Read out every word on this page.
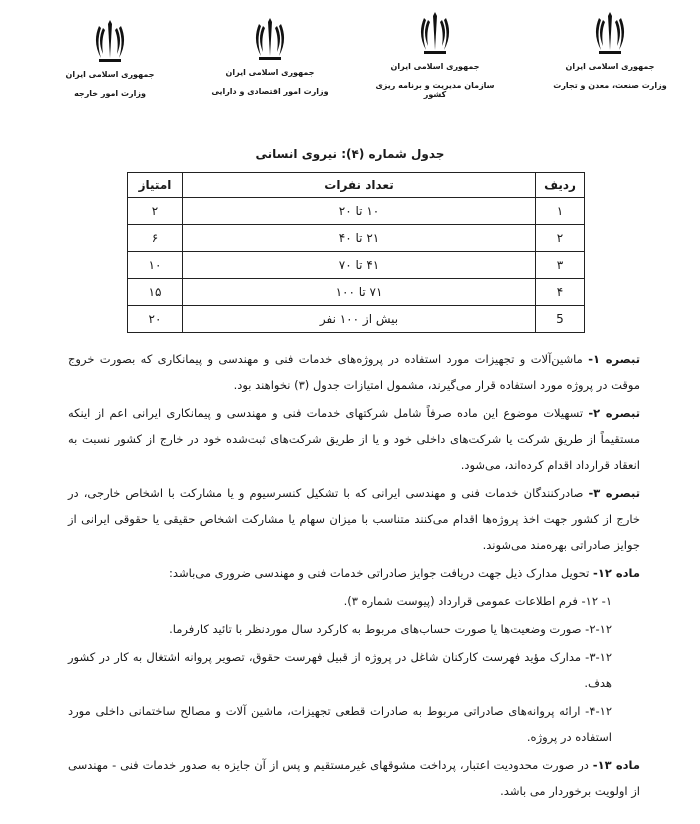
جمهوری اسلامی ایران
وزارت صنعت، معدن و تجارت
جمهوری اسلامی ایران
سازمان مدیریت و برنامه ریزی کشور
جمهوری اسلامی ایران
وزارت امور اقتصادی و دارایی
جمهوری اسلامی ایران
وزارت امور خارجه
جدول شماره (۴): نیروی انسانی
ردیف	تعداد نفرات	امتیاز
۱	۱۰ تا ۲۰	۲
۲	۲۱ تا ۴۰	۶
۳	۴۱ تا ۷۰	۱۰
۴	۷۱ تا ۱۰۰	۱۵
5	بیش از ۱۰۰ نفر	۲۰

تبصره ۱- ماشین‌آلات و تجهیزات مورد استفاده در پروژه‌های خدمات فنی و مهندسی و پیمانکاری که بصورت خروج موقت در پروژه مورد استفاده قرار می‌گیرند، مشمول امتیازات جدول (۳) نخواهند بود.

تبصره ۲- تسهیلات موضوع این ماده صرفاً شامل شرکتهای خدمات فنی و مهندسی و پیمانکاری ایرانی اعم از اینکه مستقیماً از طریق شرکت یا شرکت‌های داخلی خود و یا از طریق شرکت‌های ثبت‌شده خود در خارج از کشور نسبت به انعقاد قرارداد اقدام کرده‌اند، می‌شود.

تبصره ۳- صادرکنندگان خدمات فنی و مهندسی ایرانی که با تشکیل کنسرسیوم و یا مشارکت با اشخاص خارجی، در خارج از کشور جهت اخذ پروژه‌ها اقدام می‌کنند متناسب با میزان سهام یا مشارکت اشخاص حقیقی یا حقوقی ایرانی از جوایز صادراتی بهره‌مند می‌شوند.

ماده ۱۲- تحویل مدارک ذیل جهت دریافت جوایز صادراتی خدمات فنی و مهندسی ضروری می‌باشد:

۱- ۱۲- فرم اطلاعات عمومی قرارداد (پیوست شماره ۳).

۲-۱۲- صورت وضعیت‌ها یا صورت حساب‌های مربوط به کارکرد سال موردنظر با تائید کارفرما.

۳-۱۲- مدارک مؤید فهرست کارکنان شاغل در پروژه از قبیل فهرست حقوق، تصویر پروانه اشتغال به کار در کشور هدف.

۴-۱۲- ارائه پروانه‌های صادراتی مربوط به صادرات قطعی تجهیزات، ماشین آلات و مصالح ساختمانی داخلی مورد استفاده در پروژه.

ماده ۱۳- در صورت محدودیت اعتبار، پرداخت مشوقهای غیرمستقیم و پس از آن جایزه به صدور خدمات فنی - مهندسی از اولویت برخوردار می باشد.
